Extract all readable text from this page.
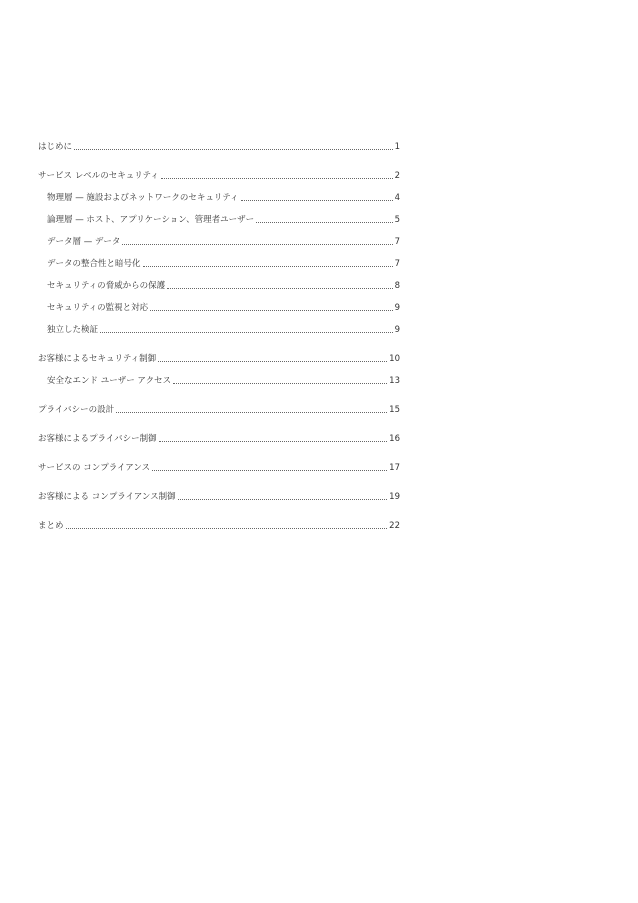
はじめに	1
サービス レベルのセキュリティ	2
物理層 — 施設およびネットワークのセキュリティ	4
論理層 — ホスト、アプリケーション、管理者ユーザー	5
データ層 — データ	7
データの整合性と暗号化	7
セキュリティの脅威からの保護	8
セキュリティの監視と対応	9
独立した検証	9
お客様によるセキュリティ制御	10
安全なエンド ユーザー アクセス	13
プライバシーの設計	15
お客様によるプライバシー制御	16
サービスの コンプライアンス	17
お客様による コンプライアンス制御	19
まとめ	22
